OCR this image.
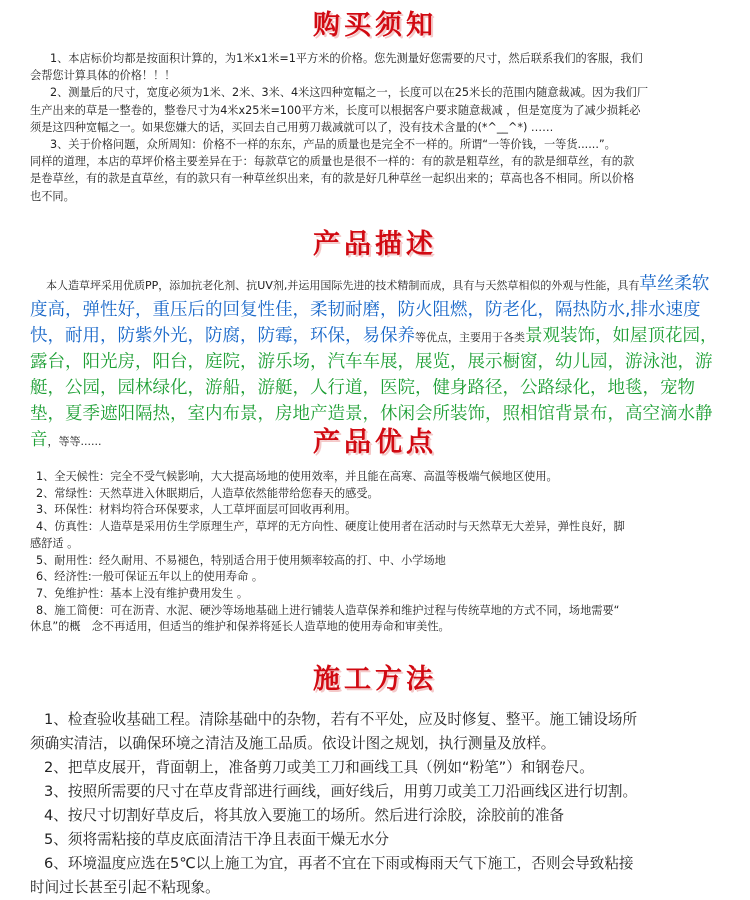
购买须知
1、本店标价均都是按面积计算的，为1米x1米=1平方米的价格。您先测量好您需要的尺寸，然后联系我们的客服，我们
会帮您计算具体的价格！！！
2、测量后的尺寸，宽度必须为1米、2米、3米、4米这四种宽幅之一，长度可以在25米长的范围内随意裁减。因为我们厂
生产出来的草是一整卷的，整卷尺寸为4米x25米=100平方米，长度可以根据客户要求随意裁减 ，但是宽度为了减少损耗必
须是这四种宽幅之一。如果您嫌大的话，买回去自己用剪刀裁减就可以了，没有技术含量的(*^__^*) ……
3、关于价格问题，众所周知：价格不一样的东东，产品的质量也是完全不一样的。所谓“一等价钱，一等货......”。
同样的道理，本店的草坪价格主要差异在于：每款草它的质量也是很不一样的：有的款是粗草丝，有的款是细草丝，有的款
是卷草丝，有的款是直草丝，有的款只有一种草丝织出来，有的款是好几种草丝一起织出来的；草高也各不相同。所以价格
也不同。
产品描述

本人造草坪采用优质PP，添加抗老化剂、抗UV剂,并运用国际先进的技术精制而成，具有与天然草相似的外观与性能，具有草丝柔软度高，弹性好，重压后的回复性佳，柔韧耐磨，防火阻燃，防老化，隔热防水,排水速度快，耐用，防紫外光，防腐，防霉，环保，易保养等优点，主要用于各类景观装饰，如屋顶花园，露台，阳光房，阳台，庭院，游乐场，汽车车展，展览，展示橱窗，幼儿园，游泳池，游艇，公园，园林绿化，游船，游艇，人行道，医院，健身路径，公路绿化，地毯，宠物垫，夏季遮阳隔热，室内布景，房地产造景，休闲会所装饰，照相馆背景布，高空滴水静音，等等......	产品优点
1、全天候性：完全不受气候影响，大大提高场地的使用效率，并且能在高寒、高温等极端气候地区使用。
2、常绿性：天然草进入休眠期后，人造草依然能带给您春天的感受。
3、环保性：材料均符合环保要求，人工草坪面层可回收再利用。
4、仿真性：人造草是采用仿生学原理生产，草坪的无方向性、硬度让使用者在活动时与天然草无大差异，弹性良好，脚
感舒适 。
5、耐用性：经久耐用、不易褪色，特别适合用于使用频率较高的打、中、小学场地
6、经济性:一般可保证五年以上的使用寿命 。
7、免维护性：基本上没有维护费用发生 。
8、施工简便：可在沥青、水泥、硬沙等场地基础上进行铺装人造草保养和维护过程与传统草地的方式不同，场地需要“
休息”的概　念不再适用，但适当的维护和保养将延长人造草地的使用寿命和审美性。
施工方法
1、检查验收基础工程。清除基础中的杂物，若有不平处，应及时修复、整平。施工铺设场所
须确实清洁，以确保环境之清洁及施工品质。依设计图之规划，执行测量及放样。
2、把草皮展开，背面朝上，准备剪刀或美工刀和画线工具（例如“粉笔”）和钢卷尺。
3、按照所需要的尺寸在草皮背部进行画线，画好线后，用剪刀或美工刀沿画线区进行切割。
4、按尺寸切割好草皮后，将其放入要施工的场所。然后进行涂胶，涂胶前的准备
5、须将需粘接的草皮底面清洁干净且表面干燥无水分
6、环境温度应选在5℃以上施工为宜，再者不宜在下雨或梅雨天气下施工，否则会导致粘接
时间过长甚至引起不粘现象。
